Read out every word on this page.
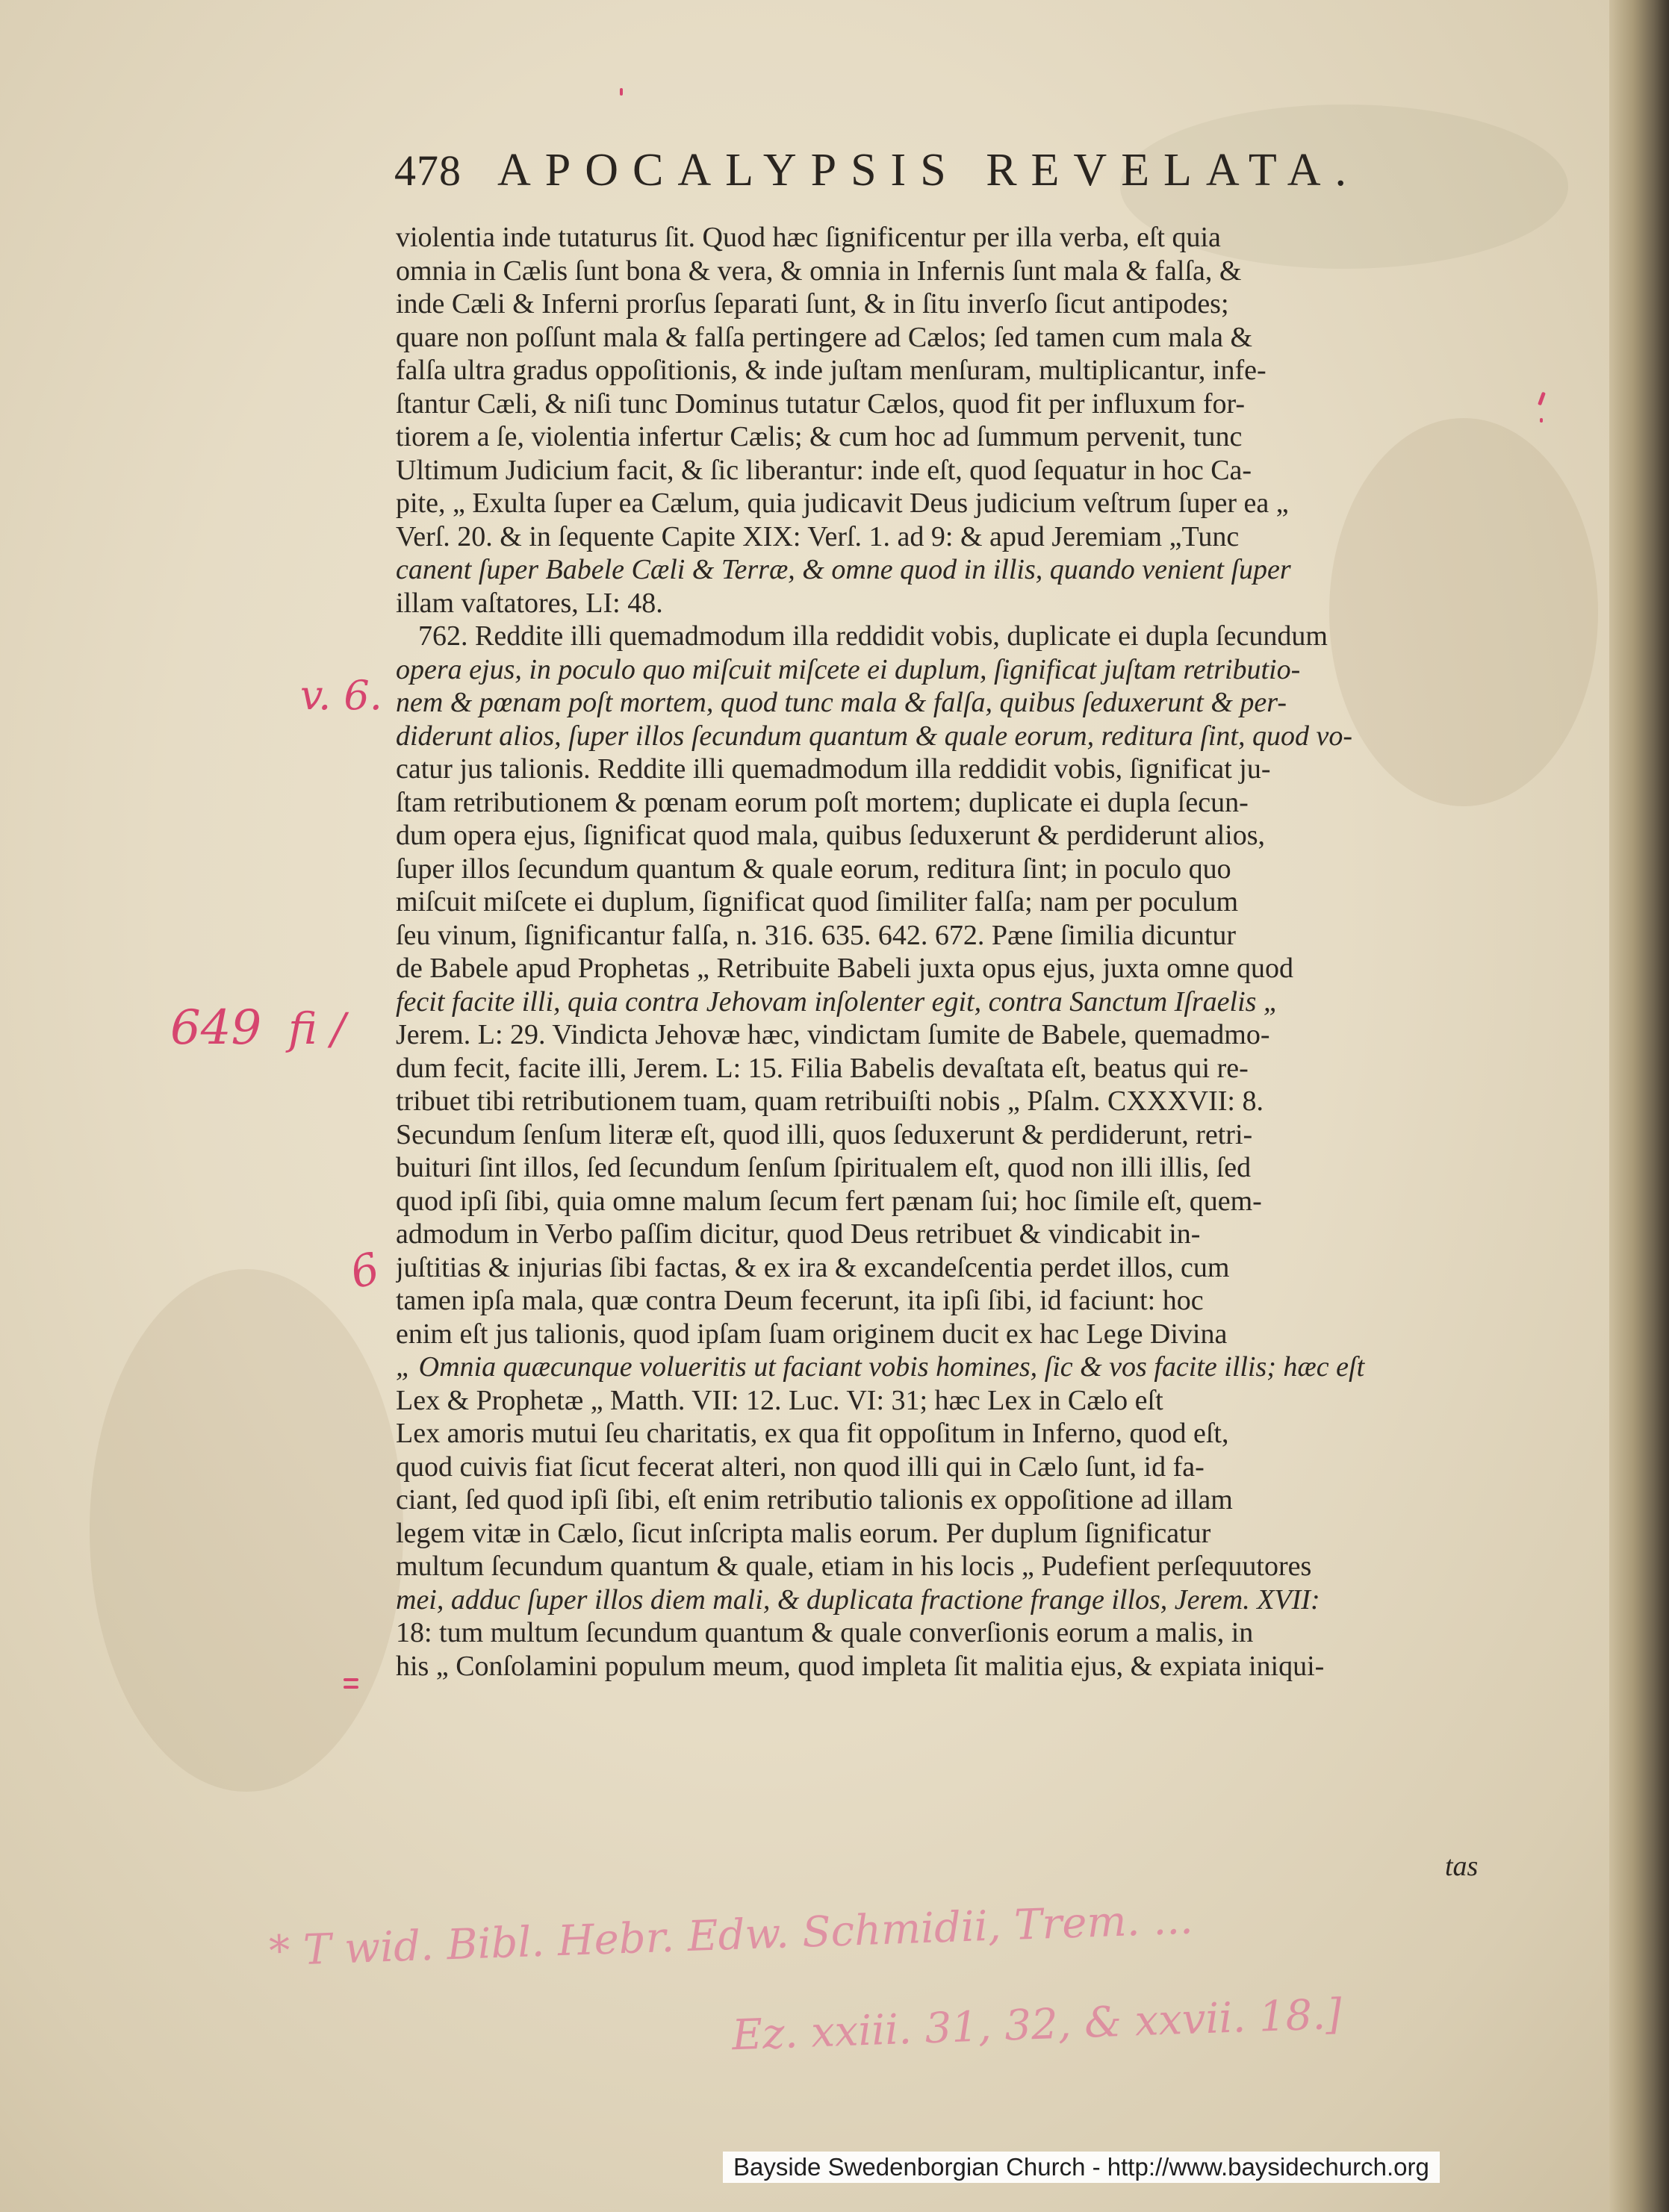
478 APOCALYPSIS REVELATA.
violentia inde tutaturus ſit. Quod hæc ſignificentur per illa verba, eſt quia
omnia in Cælis ſunt bona & vera, & omnia in Infernis ſunt mala & falſa, &
inde Cæli & Inferni prorſus ſeparati ſunt, & in ſitu inverſo ſicut antipodes;
quare non poſſunt mala & falſa pertingere ad Cælos; ſed tamen cum mala &
falſa ultra gradus oppoſitionis, & inde juſtam menſuram, multiplicantur, infe-
ſtantur Cæli, & niſi tunc Dominus tutatur Cælos, quod fit per influxum for-
tiorem a ſe, violentia infertur Cælis; & cum hoc ad ſummum pervenit, tunc
Ultimum Judicium facit, & ſic liberantur: inde eſt, quod ſequatur in hoc Ca-
pite, „ Exulta ſuper ea Cælum, quia judicavit Deus judicium veſtrum ſuper ea „
Verſ. 20. & in ſequente Capite XIX: Verſ. 1. ad 9: & apud Jeremiam „Tunc
canent ſuper Babele Cæli & Terræ, & omne quod in illis, quando venient ſuper
illam vaſtatores, LI: 48.
762. Reddite illi quemadmodum illa reddidit vobis, duplicate ei dupla ſecundum
opera ejus, in poculo quo miſcuit miſcete ei duplum, ſignificat juſtam retributio-
nem & pœnam poſt mortem, quod tunc mala & falſa, quibus ſeduxerunt & per-
diderunt alios, ſuper illos ſecundum quantum & quale eorum, reditura ſint, quod vo-
catur jus talionis. Reddite illi quemadmodum illa reddidit vobis, ſignificat ju-
ſtam retributionem & pœnam eorum poſt mortem; duplicate ei dupla ſecun-
dum opera ejus, ſignificat quod mala, quibus ſeduxerunt & perdiderunt alios,
ſuper illos ſecundum quantum & quale eorum, reditura ſint; in poculo quo
miſcuit miſcete ei duplum, ſignificat quod ſimiliter falſa; nam per poculum
ſeu vinum, ſignificantur falſa, n. 316. 635. 642. 672. Pæne ſimilia dicuntur
de Babele apud Prophetas „ Retribuite Babeli juxta opus ejus, juxta omne quod
fecit facite illi, quia contra Jehovam inſolenter egit, contra Sanctum Iſraelis „
Jerem. L: 29. Vindicta Jehovæ hæc, vindictam ſumite de Babele, quemadmo-
dum fecit, facite illi, Jerem. L: 15. Filia Babelis devaſtata eſt, beatus qui re-
tribuet tibi retributionem tuam, quam retribuiſti nobis „ Pſalm. CXXXVII: 8.
Secundum ſenſum literæ eſt, quod illi, quos ſeduxerunt & perdiderunt, retri-
buituri ſint illos, ſed ſecundum ſenſum ſpiritualem eſt, quod non illi illis, ſed
quod ipſi ſibi, quia omne malum ſecum fert pænam ſui; hoc ſimile eſt, quem-
admodum in Verbo paſſim dicitur, quod Deus retribuet & vindicabit in-
juſtitias & injurias ſibi factas, & ex ira & excandeſcentia perdet illos, cum
tamen ipſa mala, quæ contra Deum fecerunt, ita ipſi ſibi, id faciunt: hoc
enim eſt jus talionis, quod ipſam ſuam originem ducit ex hac Lege Divina
„ Omnia quæcunque volueritis ut faciant vobis homines, ſic & vos facite illis; hæc eſt
Lex & Prophetæ „ Matth. VII: 12. Luc. VI: 31; hæc Lex in Cælo eſt
Lex amoris mutui ſeu charitatis, ex qua fit oppoſitum in Inferno, quod eſt,
quod cuivis fiat ſicut fecerat alteri, non quod illi qui in Cælo ſunt, id fa-
ciant, ſed quod ipſi ſibi, eſt enim retributio talionis ex oppoſitione ad illam
legem vitæ in Cælo, ſicut inſcripta malis eorum. Per duplum ſignificatur
multum ſecundum quantum & quale, etiam in his locis „ Pudefient perſequutores
mei, adduc ſuper illos diem mali, & duplicata fractione frange illos, Jerem. XVII:
18: tum multum ſecundum quantum & quale converſionis eorum a malis, in
his „ Conſolamini populum meum, quod impleta ſit malitia ejus, & expiata iniqui-
tas
v. 6.
649 fi /
6
* T wid. Bibl. Hebr. Edw. Schmidii, Trem. ...
Ez. xxiii. 31, 32, & xxvii. 18.]
Bayside Swedenborgian Church - http://www.baysidechurch.org
